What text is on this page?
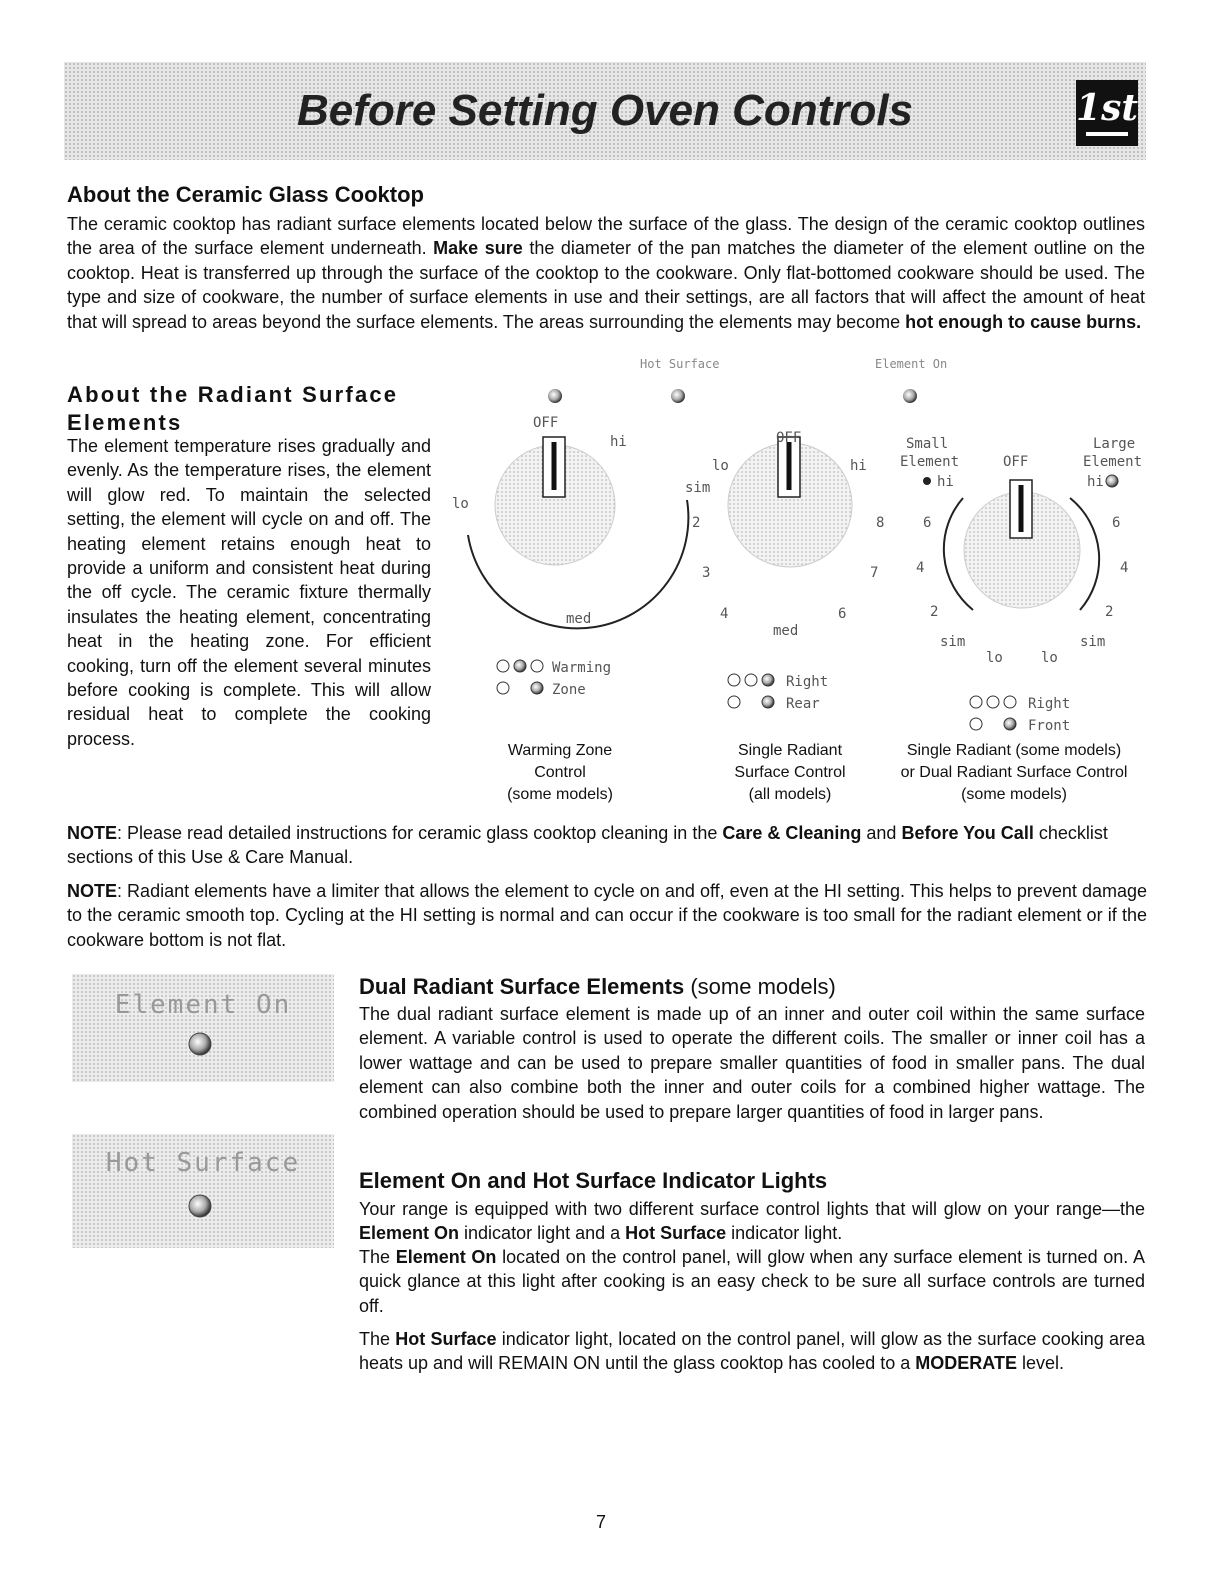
Before Setting Oven Controls	1st
About the Ceramic Glass Cooktop
The ceramic cooktop has radiant surface elements located below the surface of the glass. The design of the ceramic cooktop outlines the area of the surface element underneath. Make sure the diameter of the pan matches the diameter of the element outline on the cooktop. Heat is transferred up through the surface of the cooktop to the cookware. Only flat-bottomed cookware should be used. The type and size of cookware, the number of surface elements in use and their settings, are all factors that will affect the amount of heat that will spread to areas beyond the surface elements. The areas surrounding the elements may become hot enough to cause burns.
About the Radiant Surface Elements
The element temperature rises gradually and evenly. As the temperature rises, the element will glow red. To maintain the selected setting, the element will cycle on and off. The heating element retains enough heat to provide a uniform and consistent heat during the off cycle. The ceramic fixture thermally insulates the heating element, concentrating heat in the heating zone. For efficient cooking, turn off the element several minutes before cooking is complete. This will allow residual heat to complete the cooking process.
Hot Surface	Element On
OFF
hi
lo
med
Warming
Zone
OFF
lo	hi
sim
2	8
3	7
4	6
med
Right
Rear
Small
Element
Large
Element
OFF
hi	hi
6	6
4	4
2	2
sim	sim
lo	lo
Right
Front
Warming Zone
Control
(some models)
Single Radiant
Surface Control
(all models)
Single Radiant (some models)
or Dual Radiant Surface Control
(some models)
NOTE: Please read detailed instructions for ceramic glass cooktop cleaning in the Care & Cleaning and Before You Call checklist sections of this Use & Care Manual.
NOTE: Radiant elements have a limiter that allows the element to cycle on and off, even at the HI setting. This helps to prevent damage to the ceramic smooth top. Cycling at the HI setting is normal and can occur if the cookware is too small for the radiant element or if the cookware bottom is not flat.
Element On
Hot Surface
Dual Radiant Surface Elements (some models)
The dual radiant surface element is made up of an inner and outer coil within the same surface element. A variable control is used to operate the different coils. The smaller or inner coil has a lower wattage and can be used to prepare smaller quantities of food in smaller pans. The dual element can also combine both the inner and outer coils for a combined higher wattage. The combined operation should be used to prepare larger quantities of food in larger pans.
Element On and Hot Surface Indicator Lights
Your range is equipped with two different surface control lights that will glow on your range—the Element On indicator light and a Hot Surface indicator light.
The Element On located on the control panel, will glow when any surface element is turned on. A quick glance at this light after cooking is an easy check to be sure all surface controls are turned off.
The Hot Surface indicator light, located on the control panel, will glow as the surface cooking area heats up and will REMAIN ON until the glass cooktop has cooled to a MODERATE level.
7
